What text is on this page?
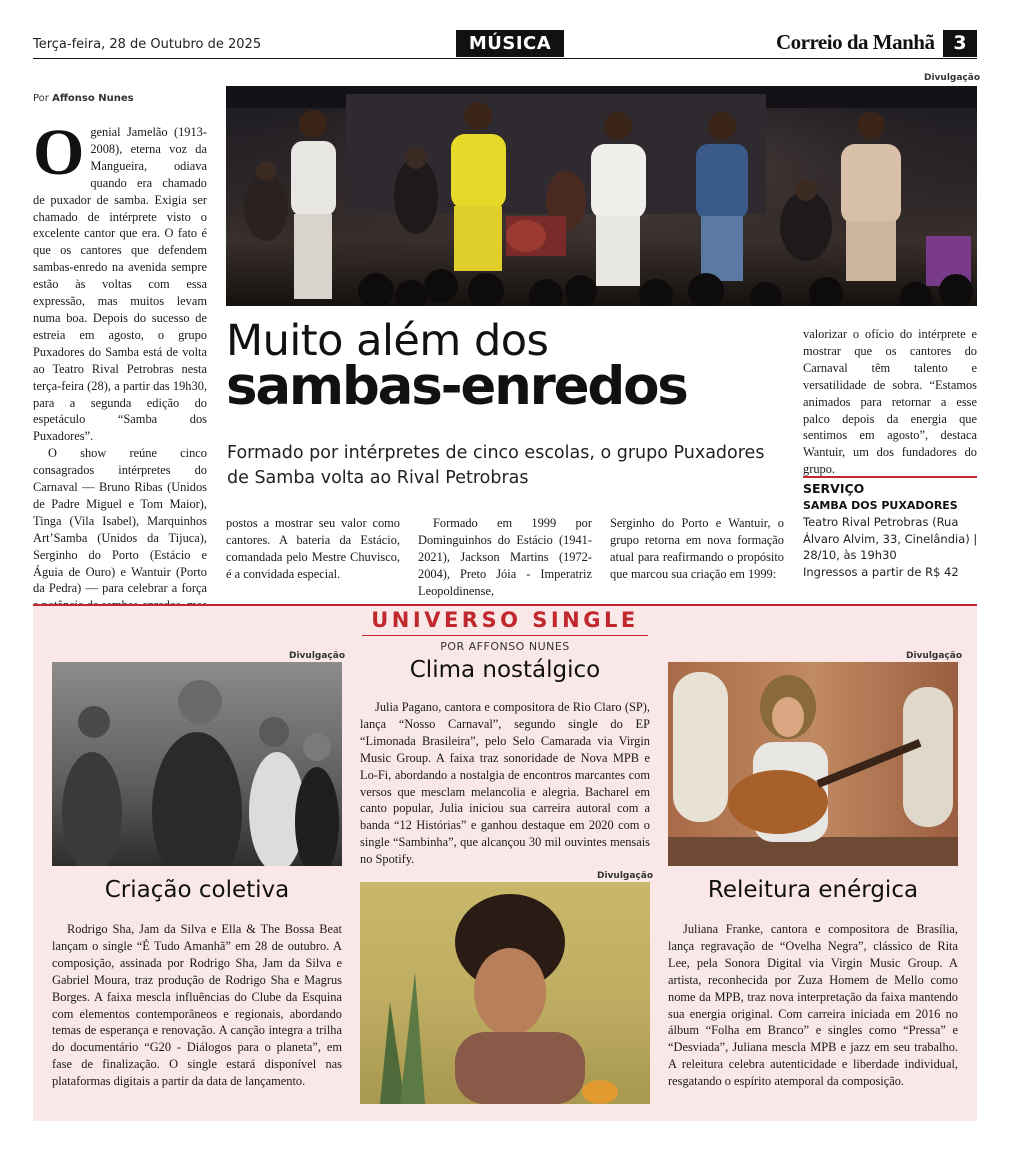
Terça-feira, 28 de Outubro de 2025	MÚSICA	Correio da Manhã 3
Divulgação
Por Affonso Nunes

Ogenial Jamelão (1913-2008), eterna voz da Mangueira, odiava quando era chamado de puxador de samba. Exigia ser chamado de intérprete visto o excelente cantor que era. O fato é que os cantores que defendem sambas-enredo na avenida sempre estão às voltas com essa expressão, mas muitos levam numa boa. Depois do sucesso de estreia em agosto, o grupo Puxadores do Samba está de volta ao Teatro Rival Petrobras nesta terça-feira (28), a partir das 19h30, para a segunda edição do espetáculo “Samba dos Puxadores”.

O show reúne cinco consagrados intérpretes do Carnaval — Bruno Ribas (Unidos de Padre Miguel e Tom Maior), Tinga (Vila Isabel), Marquinhos Art’Samba (Unidos da Tijuca), Serginho do Porto (Estácio e Águia de Ouro) e Wantuir (Porto da Pedra) — para celebrar a força

Muito além dos
sambas-enredos
Formado por intérpretes de cinco escolas, o grupo Puxadores de Samba volta ao Rival Petrobras

postos a mostrar seu valor como cantores. A bateria da Estácio, comandada pelo Mestre Chuvisco, é a convidada especial.

Formado em 1999 por Dominguinhos do Estácio (1941-2021), Jackson Martins (1972-2004), Preto Jóia - Imperatriz Leopoldinense,

Serginho do Porto e Wantuir, o grupo retorna em nova formação atual para reafirmando o propósito que marcou sua criação em 1999:

valorizar o ofício do intérprete e mostrar que os cantores do Carnaval têm talento e versatilidade de sobra. “Estamos animados para retornar a esse palco depois da energia que sentimos em agosto”, destaca Wantuir, um dos fundadores do grupo.

SERVIÇO
SAMBA DOS PUXADORES
Teatro Rival Petrobras (Rua Álvaro Alvim, 33, Cinelândia) | 28/10, às 19h30
Ingressos a partir de R$ 42
UNIVERSO SINGLE
POR AFFONSO NUNES
Divulgação
Criação coletiva
Rodrigo Sha, Jam da Silva e Ella & The Bossa Beat lançam o single “É Tudo Amanhã” em 28 de outubro. A composição, assinada por Rodrigo Sha, Jam da Silva e Gabriel Moura, traz produção de Rodrigo Sha e Magrus Borges. A faixa mescla influências do Clube da Esquina com elementos contemporâneos e regionais, abordando temas de esperança e renovação. A canção integra a trilha do documentário “G20 - Diálogos para o planeta”, em fase de finalização. O single estará disponível nas plataformas digitais a partir da data de lançamento.
Clima nostálgico
Julia Pagano, cantora e compositora de Rio Claro (SP), lança “Nosso Carnaval”, segundo single do EP “Limonada Brasileira”, pelo Selo Camarada via Virgin Music Group. A faixa traz sonoridade de Nova MPB e Lo-Fi, abordando a nostalgia de encontros marcantes com versos que mesclam melancolia e alegria. Bacharel em canto popular, Julia iniciou sua carreira autoral com a banda “12 Histórias” e ganhou destaque em 2020 com o single “Sambinha”, que alcançou 30 mil ouvintes mensais no Spotify.
Divulgação
Divulgação
Releitura enérgica
Juliana Franke, cantora e compositora de Brasília, lança regravação de “Ovelha Negra”, clássico de Rita Lee, pela Sonora Digital via Virgin Music Group. A artista, reconhecida por Zuza Homem de Mello como nome da MPB, traz nova interpretação da faixa mantendo sua energia original. Com carreira iniciada em 2016 no álbum “Folha em Branco” e singles como “Pressa” e “Desviada”, Juliana mescla MPB e jazz em seu trabalho. A releitura celebra autenticidade e liberdade individual, resgatando o espírito atemporal da composição.
